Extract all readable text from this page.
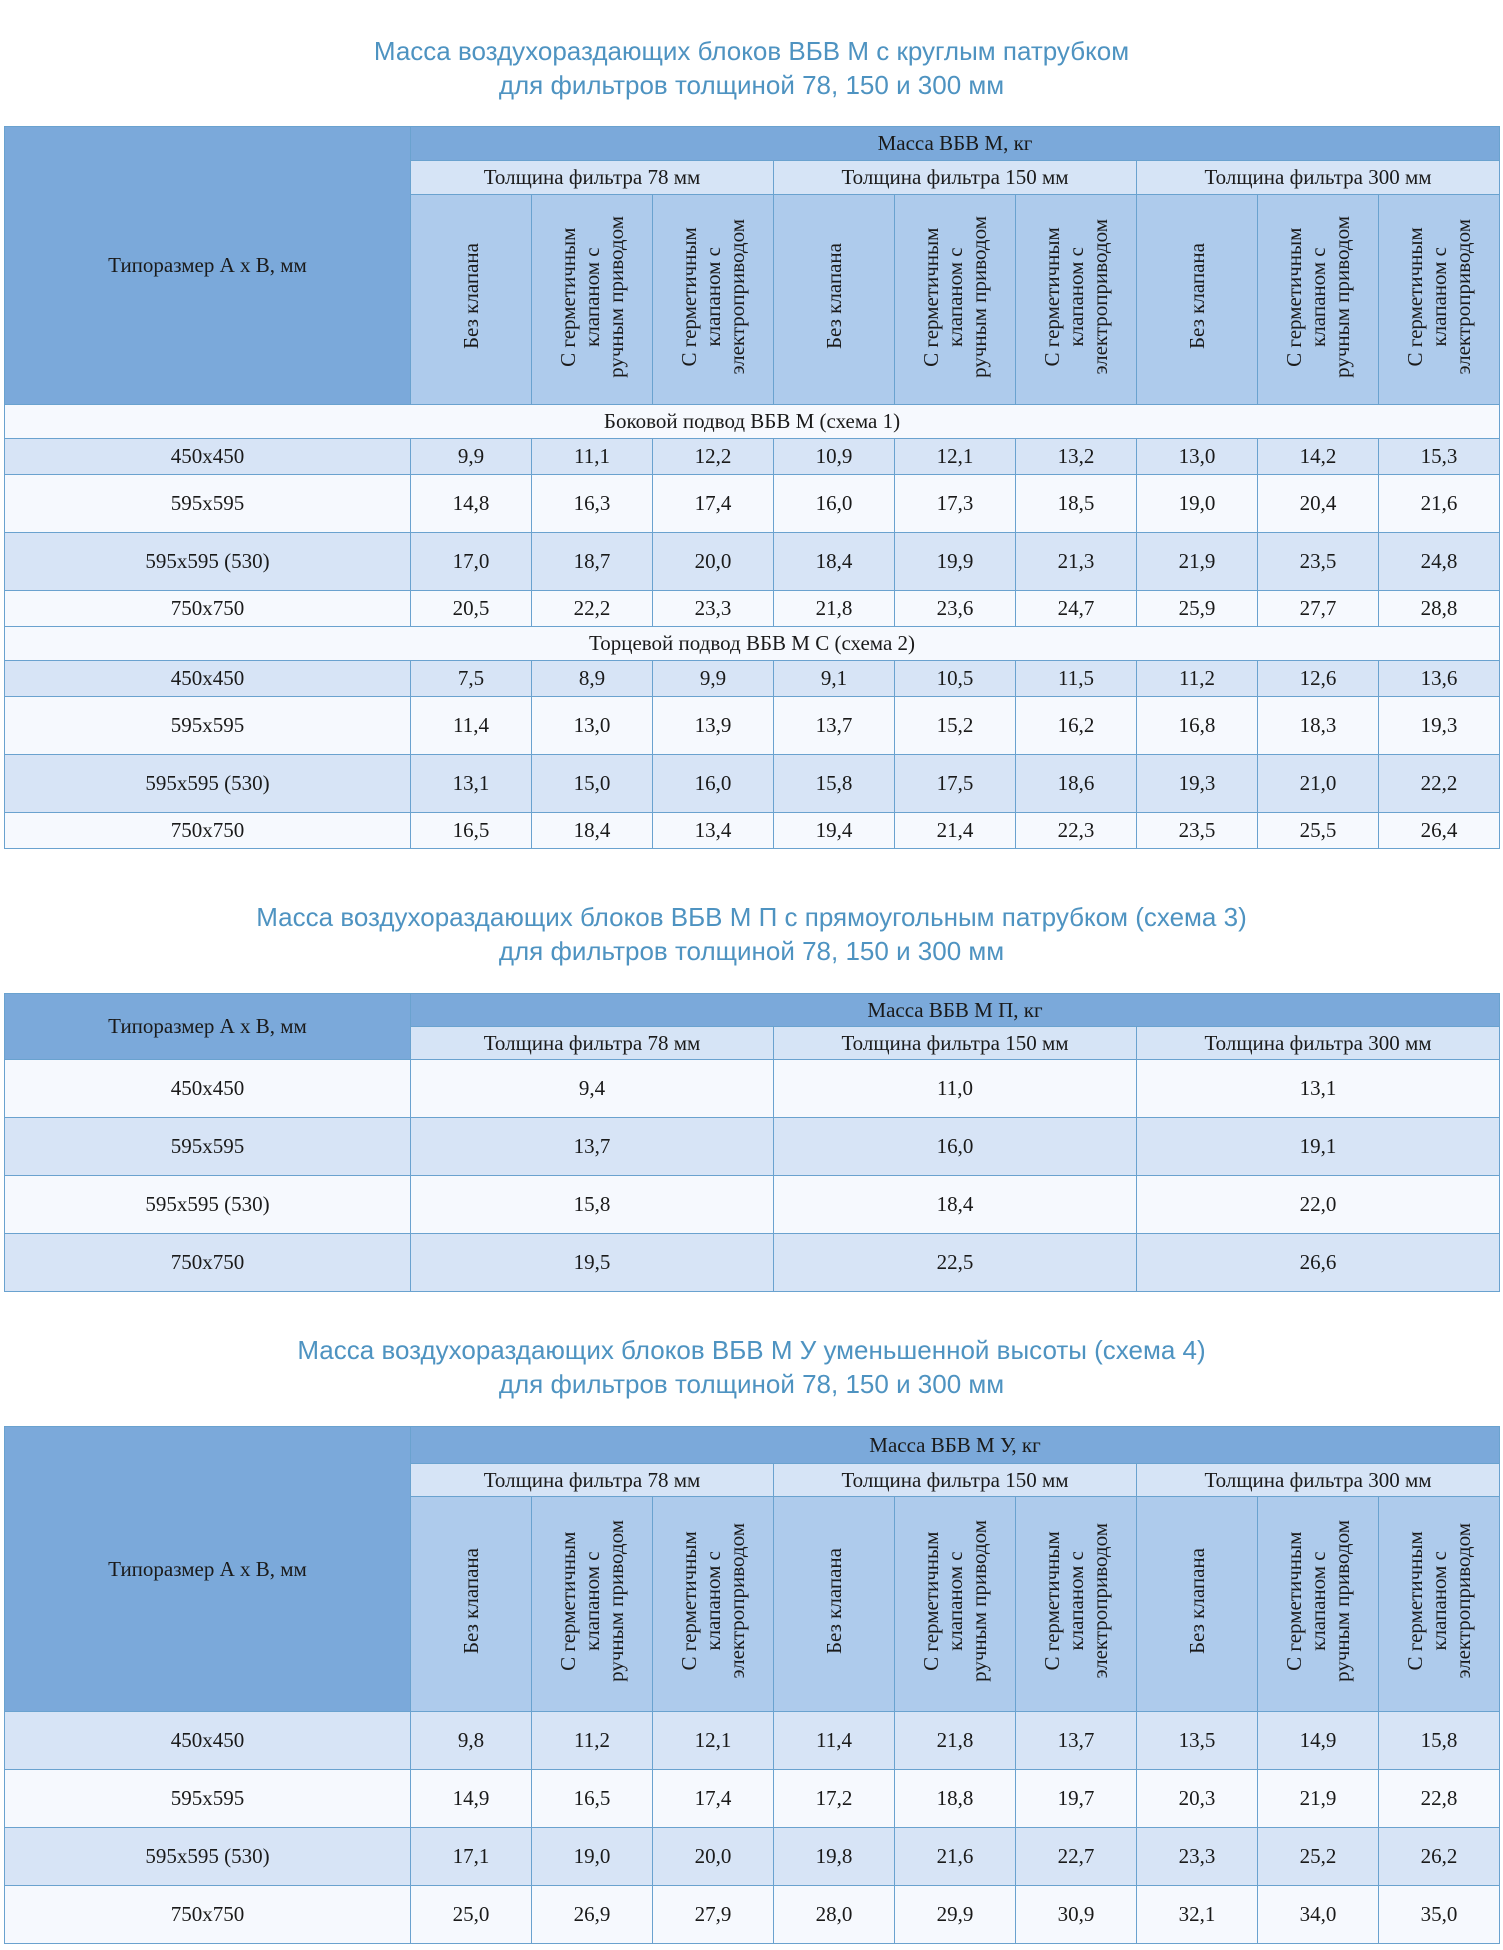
Масса воздухораздающих блоков ВБВ М с круглым патрубком
для фильтров толщиной 78, 150 и 300 мм
Типоразмер А х В, мм	Масса ВБВ М, кг								
	Толщина фильтра 78 мм			Толщина фильтра 150 мм			Толщина фильтра 300 мм		

	Без клапана	С герметичным клапаном с ручным приводом	С герметичным клапаном с электроприводом	Без клапана	С герметичным клапаном с ручным приводом	С герметичным клапаном с электроприводом	Без клапана	С герметичным клапаном с ручным приводом	С герметичным клапаном с электроприводом

Боковой подвод ВБВ М (схема 1)									
450x450	9,9	11,1	12,2	10,9	12,1	13,2	13,0	14,2	15,3
595x595	14,8	16,3	17,4	16,0	17,3	18,5	19,0	20,4	21,6
595x595 (530)	17,0	18,7	20,0	18,4	19,9	21,3	21,9	23,5	24,8
750x750	20,5	22,2	23,3	21,8	23,6	24,7	25,9	27,7	28,8
Торцевой подвод ВБВ М С (схема 2)									
450x450	7,5	8,9	9,9	9,1	10,5	11,5	11,2	12,6	13,6
595x595	11,4	13,0	13,9	13,7	15,2	16,2	16,8	18,3	19,3
595x595 (530)	13,1	15,0	16,0	15,8	17,5	18,6	19,3	21,0	22,2
750x750	16,5	18,4	13,4	19,4	21,4	22,3	23,5	25,5	26,4
Масса воздухораздающих блоков ВБВ М П с прямоугольным патрубком (схема 3)
для фильтров толщиной 78, 150 и 300 мм
Типоразмер А х В, мм	Масса ВБВ М П, кг		
	Толщина фильтра 78 мм	Толщина фильтра 150 мм	Толщина фильтра 300 мм
450x450	9,4	11,0	13,1
595x595	13,7	16,0	19,1
595x595 (530)	15,8	18,4	22,0
750x750	19,5	22,5	26,6
Масса воздухораздающих блоков ВБВ М У уменьшенной высоты (схема 4)
для фильтров толщиной 78, 150 и 300 мм
Типоразмер А х В, мм	Масса ВБВ М У, кг								
	Толщина фильтра 78 мм			Толщина фильтра 150 мм			Толщина фильтра 300 мм		

	Без клапана	С герметичным клапаном с ручным приводом	С герметичным клапаном с электроприводом	Без клапана	С герметичным клапаном с ручным приводом	С герметичным клапаном с электроприводом	Без клапана	С герметичным клапаном с ручным приводом	С герметичным клапаном с электроприводом

450x450	9,8	11,2	12,1	11,4	21,8	13,7	13,5	14,9	15,8
595x595	14,9	16,5	17,4	17,2	18,8	19,7	20,3	21,9	22,8
595x595 (530)	17,1	19,0	20,0	19,8	21,6	22,7	23,3	25,2	26,2
750x750	25,0	26,9	27,9	28,0	29,9	30,9	32,1	34,0	35,0
